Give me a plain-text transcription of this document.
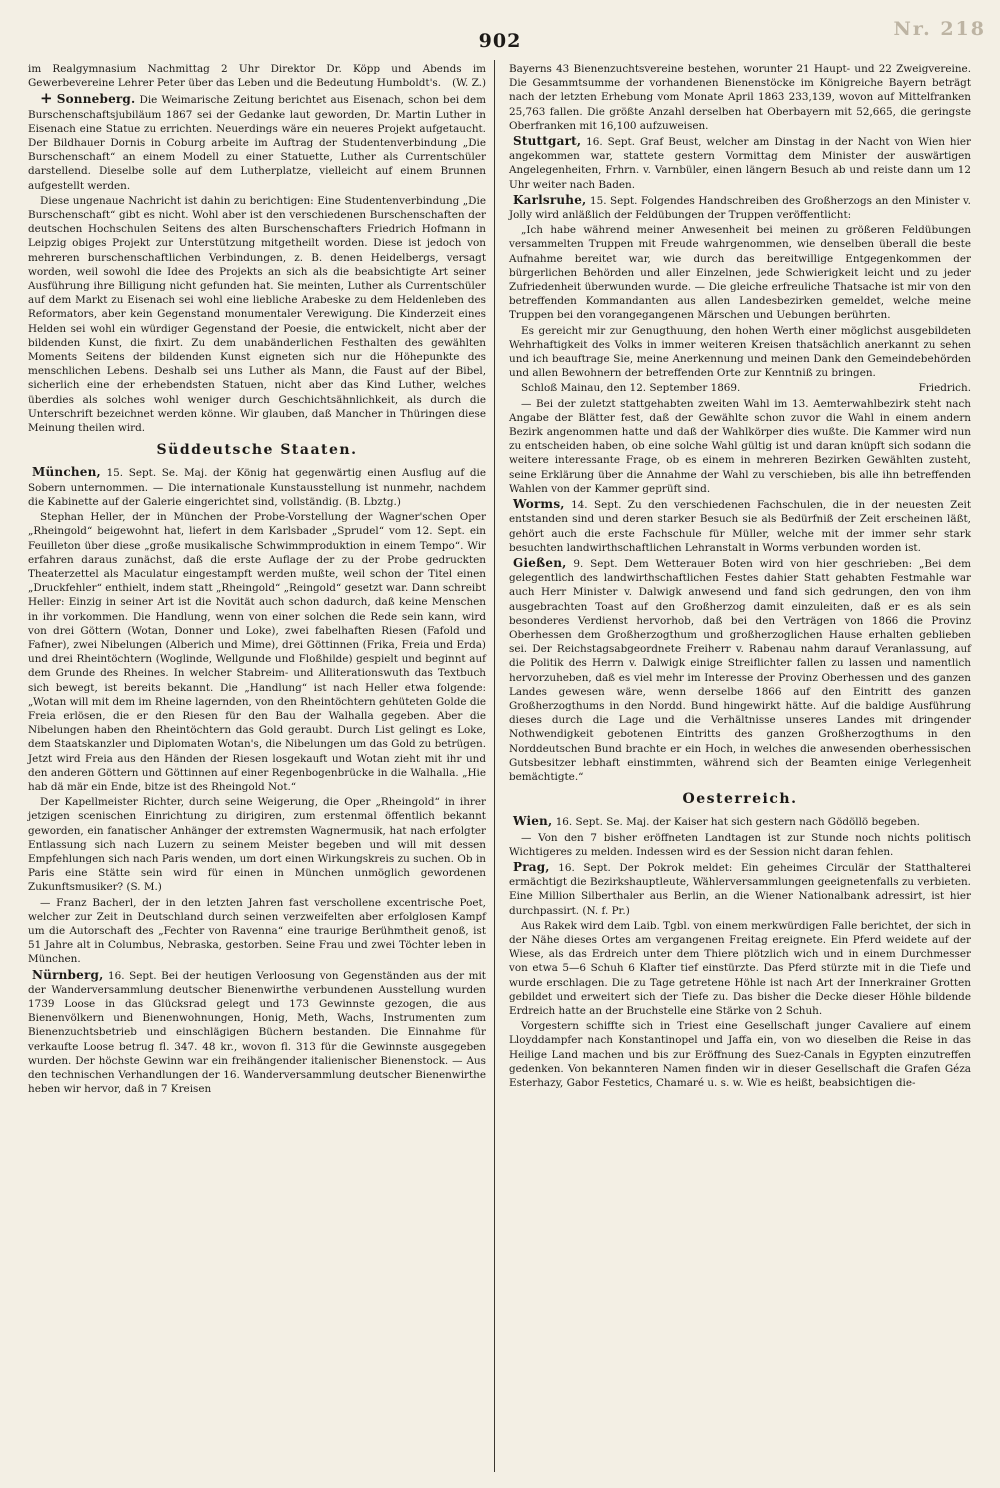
902
Nr. 218

im Realgymnasium Nachmittag 2 Uhr Direktor Dr. Köpp und Abends im Gewerbevereine Lehrer Peter über das Leben und die Bedeutung Humboldt's. (W. Z.)

+ Sonneberg. Die Weimarische Zeitung berichtet aus Eisenach, schon bei dem Burschenschaftsjubiläum 1867 sei der Gedanke laut geworden, Dr. Martin Luther in Eisenach eine Statue zu errichten. Neuerdings wäre ein neueres Projekt aufgetaucht. Der Bildhauer Dornis in Coburg arbeite im Auftrag der Studentenverbindung „Die Burschenschaft“ an einem Modell zu einer Statuette, Luther als Currentschüler darstellend. Dieselbe solle auf dem Lutherplatze, vielleicht auf einem Brunnen aufgestellt werden.

Diese ungenaue Nachricht ist dahin zu berichtigen: Eine Studentenverbindung „Die Burschenschaft“ gibt es nicht. Wohl aber ist den verschiedenen Burschenschaften der deutschen Hochschulen Seitens des alten Burschenschafters Friedrich Hofmann in Leipzig obiges Projekt zur Unterstützung mitgetheilt worden. Diese ist jedoch von mehreren burschenschaftlichen Verbindungen, z. B. denen Heidelbergs, versagt worden, weil sowohl die Idee des Projekts an sich als die beabsichtigte Art seiner Ausführung ihre Billigung nicht gefunden hat. Sie meinten, Luther als Currentschüler auf dem Markt zu Eisenach sei wohl eine liebliche Arabeske zu dem Heldenleben des Reformators, aber kein Gegenstand monumentaler Verewigung. Die Kinderzeit eines Helden sei wohl ein würdiger Gegenstand der Poesie, die entwickelt, nicht aber der bildenden Kunst, die fixirt. Zu dem unabänderlichen Festhalten des gewählten Moments Seitens der bildenden Kunst eigneten sich nur die Höhepunkte des menschlichen Lebens. Deshalb sei uns Luther als Mann, die Faust auf der Bibel, sicherlich eine der erhebendsten Statuen, nicht aber das Kind Luther, welches überdies als solches wohl weniger durch Geschichtsähnlichkeit, als durch die Unterschrift bezeichnet werden könne. Wir glauben, daß Mancher in Thüringen diese Meinung theilen wird.

Süddeutsche Staaten.

München, 15. Sept. Se. Maj. der König hat gegenwärtig einen Ausflug auf die Sobern unternommen. — Die internationale Kunstausstellung ist nunmehr, nachdem die Kabinette auf der Galerie eingerichtet sind, vollständig. (B. Lbztg.)

Stephan Heller, der in München der Probe-Vorstellung der Wagner'schen Oper „Rheingold“ beigewohnt hat, liefert in dem Karlsbader „Sprudel“ vom 12. Sept. ein Feuilleton über diese „große musikalische Schwimmproduktion in einem Tempo“. Wir erfahren daraus zunächst, daß die erste Auflage der zu der Probe gedruckten Theaterzettel als Maculatur eingestampft werden mußte, weil schon der Titel einen „Druckfehler“ enthielt, indem statt „Rheingold“ „Reingold“ gesetzt war. Dann schreibt Heller: Einzig in seiner Art ist die Novität auch schon dadurch, daß keine Menschen in ihr vorkommen. Die Handlung, wenn von einer solchen die Rede sein kann, wird von drei Göttern (Wotan, Donner und Loke), zwei fabelhaften Riesen (Fafold und Fafner), zwei Nibelungen (Alberich und Mime), drei Göttinnen (Frika, Freia und Erda) und drei Rheintöchtern (Woglinde, Wellgunde und Floßhilde) gespielt und beginnt auf dem Grunde des Rheines. In welcher Stabreim- und Alliterationswuth das Textbuch sich bewegt, ist bereits bekannt. Die „Handlung“ ist nach Heller etwa folgende: „Wotan will mit dem im Rheine lagernden, von den Rheintöchtern gehüteten Golde die Freia erlösen, die er den Riesen für den Bau der Walhalla gegeben. Aber die Nibelungen haben den Rheintöchtern das Gold geraubt. Durch List gelingt es Loke, dem Staatskanzler und Diplomaten Wotan's, die Nibelungen um das Gold zu betrügen. Jetzt wird Freia aus den Händen der Riesen losgekauft und Wotan zieht mit ihr und den anderen Göttern und Göttinnen auf einer Regenbogenbrücke in die Walhalla. „Hie hab dä mär ein Ende, bitze ist des Rheingold Not.“

Der Kapellmeister Richter, durch seine Weigerung, die Oper „Rheingold“ in ihrer jetzigen scenischen Einrichtung zu dirigiren, zum erstenmal öffentlich bekannt geworden, ein fanatischer Anhänger der extremsten Wagnermusik, hat nach erfolgter Entlassung sich nach Luzern zu seinem Meister begeben und will mit dessen Empfehlungen sich nach Paris wenden, um dort einen Wirkungskreis zu suchen. Ob in Paris eine Stätte sein wird für einen in München unmöglich gewordenen Zukunftsmusiker? (S. M.)

— Franz Bacherl, der in den letzten Jahren fast verschollene excentrische Poet, welcher zur Zeit in Deutschland durch seinen verzweifelten aber erfolglosen Kampf um die Autorschaft des „Fechter von Ravenna“ eine traurige Berühmtheit genoß, ist 51 Jahre alt in Columbus, Nebraska, gestorben. Seine Frau und zwei Töchter leben in München.

Nürnberg, 16. Sept. Bei der heutigen Verloosung von Gegenständen aus der mit der Wanderversammlung deutscher Bienenwirthe verbundenen Ausstellung wurden 1739 Loose in das Glücksrad gelegt und 173 Gewinnste gezogen, die aus Bienenvölkern und Bienenwohnungen, Honig, Meth, Wachs, Instrumenten zum Bienenzuchtsbetrieb und einschlägigen Büchern bestanden. Die Einnahme für verkaufte Loose betrug fl. 347. 48 kr., wovon fl. 313 für die Gewinnste ausgegeben wurden. Der höchste Gewinn war ein freihängender italienischer Bienenstock. — Aus den technischen Verhandlungen der 16. Wanderversammlung deutscher Bienenwirthe heben wir hervor, daß in 7 Kreisen

Bayerns 43 Bienenzuchtsvereine bestehen, worunter 21 Haupt- und 22 Zweigvereine. Die Gesammtsumme der vorhandenen Bienenstöcke im Königreiche Bayern beträgt nach der letzten Erhebung vom Monate April 1863 233,139, wovon auf Mittelfranken 25,763 fallen. Die größte Anzahl derselben hat Oberbayern mit 52,665, die geringste Oberfranken mit 16,100 aufzuweisen.

Stuttgart, 16. Sept. Graf Beust, welcher am Dinstag in der Nacht von Wien hier angekommen war, stattete gestern Vormittag dem Minister der auswärtigen Angelegenheiten, Frhrn. v. Varnbüler, einen längern Besuch ab und reiste dann um 12 Uhr weiter nach Baden.

Karlsruhe, 15. Sept. Folgendes Handschreiben des Großherzogs an den Minister v. Jolly wird anläßlich der Feldübungen der Truppen veröffentlicht:

„Ich habe während meiner Anwesenheit bei meinen zu größeren Feldübungen versammelten Truppen mit Freude wahrgenommen, wie denselben überall die beste Aufnahme bereitet war, wie durch das bereitwillige Entgegenkommen der bürgerlichen Behörden und aller Einzelnen, jede Schwierigkeit leicht und zu jeder Zufriedenheit überwunden wurde. — Die gleiche erfreuliche Thatsache ist mir von den betreffenden Kommandanten aus allen Landesbezirken gemeldet, welche meine Truppen bei den vorangegangenen Märschen und Uebungen berührten.

Es gereicht mir zur Genugthuung, den hohen Werth einer möglichst ausgebildeten Wehrhaftigkeit des Volks in immer weiteren Kreisen thatsächlich anerkannt zu sehen und ich beauftrage Sie, meine Anerkennung und meinen Dank den Gemeindebehörden und allen Bewohnern der betreffenden Orte zur Kenntniß zu bringen.

Schloß Mainau, den 12. September 1869.	Friedrich.

— Bei der zuletzt stattgehabten zweiten Wahl im 13. Aemterwahlbezirk steht nach Angabe der Blätter fest, daß der Gewählte schon zuvor die Wahl in einem andern Bezirk angenommen hatte und daß der Wahlkörper dies wußte. Die Kammer wird nun zu entscheiden haben, ob eine solche Wahl gültig ist und daran knüpft sich sodann die weitere interessante Frage, ob es einem in mehreren Bezirken Gewählten zusteht, seine Erklärung über die Annahme der Wahl zu verschieben, bis alle ihn betreffenden Wahlen von der Kammer geprüft sind.

Worms, 14. Sept. Zu den verschiedenen Fachschulen, die in der neuesten Zeit entstanden sind und deren starker Besuch sie als Bedürfniß der Zeit erscheinen läßt, gehört auch die erste Fachschule für Müller, welche mit der immer sehr stark besuchten landwirthschaftlichen Lehranstalt in Worms verbunden worden ist.

Gießen, 9. Sept. Dem Wetterauer Boten wird von hier geschrieben: „Bei dem gelegentlich des landwirthschaftlichen Festes dahier Statt gehabten Festmahle war auch Herr Minister v. Dalwigk anwesend und fand sich gedrungen, den von ihm ausgebrachten Toast auf den Großherzog damit einzuleiten, daß er es als sein besonderes Verdienst hervorhob, daß bei den Verträgen von 1866 die Provinz Oberhessen dem Großherzogthum und großherzoglichen Hause erhalten geblieben sei. Der Reichstagsabgeordnete Freiherr v. Rabenau nahm darauf Veranlassung, auf die Politik des Herrn v. Dalwigk einige Streiflichter fallen zu lassen und namentlich hervorzuheben, daß es viel mehr im Interesse der Provinz Oberhessen und des ganzen Landes gewesen wäre, wenn derselbe 1866 auf den Eintritt des ganzen Großherzogthums in den Nordd. Bund hingewirkt hätte. Auf die baldige Ausführung dieses durch die Lage und die Verhältnisse unseres Landes mit dringender Nothwendigkeit gebotenen Eintritts des ganzen Großherzogthums in den Norddeutschen Bund brachte er ein Hoch, in welches die anwesenden oberhessischen Gutsbesitzer lebhaft einstimmten, während sich der Beamten einige Verlegenheit bemächtigte.“

Oesterreich.

Wien, 16. Sept. Se. Maj. der Kaiser hat sich gestern nach Gödöllö begeben.

— Von den 7 bisher eröffneten Landtagen ist zur Stunde noch nichts politisch Wichtigeres zu melden. Indessen wird es der Session nicht daran fehlen.

Prag, 16. Sept. Der Pokrok meldet: Ein geheimes Circulär der Statthalterei ermächtigt die Bezirkshauptleute, Wählerversammlungen geeignetenfalls zu verbieten. Eine Million Silberthaler aus Berlin, an die Wiener Nationalbank adressirt, ist hier durchpassirt. (N. f. Pr.)

Aus Rakek wird dem Laib. Tgbl. von einem merkwürdigen Falle berichtet, der sich in der Nähe dieses Ortes am vergangenen Freitag ereignete. Ein Pferd weidete auf der Wiese, als das Erdreich unter dem Thiere plötzlich wich und in einem Durchmesser von etwa 5—6 Schuh 6 Klafter tief einstürzte. Das Pferd stürzte mit in die Tiefe und wurde erschlagen. Die zu Tage getretene Höhle ist nach Art der Innerkrainer Grotten gebildet und erweitert sich der Tiefe zu. Das bisher die Decke dieser Höhle bildende Erdreich hatte an der Bruchstelle eine Stärke von 2 Schuh.

Vorgestern schiffte sich in Triest eine Gesellschaft junger Cavaliere auf einem Lloyddampfer nach Konstantinopel und Jaffa ein, von wo dieselben die Reise in das Heilige Land machen und bis zur Eröffnung des Suez-Canals in Egypten einzutreffen gedenken. Von bekannteren Namen finden wir in dieser Gesellschaft die Grafen Géza Esterhazy, Gabor Festetics, Chamaré u. s. w. Wie es heißt, beabsichtigen die-
